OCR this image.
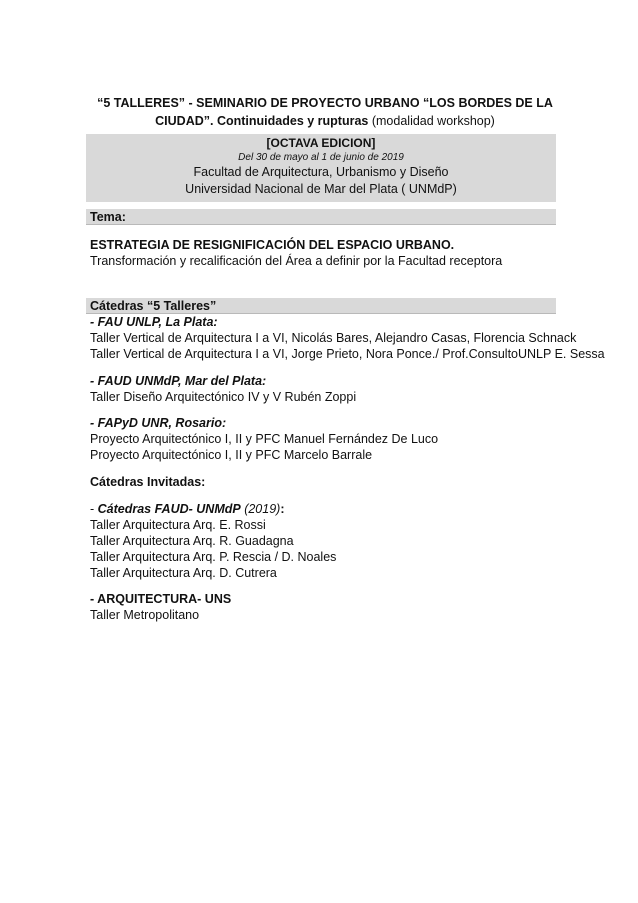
“5 TALLERES” - SEMINARIO DE PROYECTO URBANO “LOS BORDES DE LA
CIUDAD”. Continuidades y rupturas (modalidad workshop)
[OCTAVA EDICION]
Del 30 de mayo al 1 de junio de 2019
Facultad de Arquitectura, Urbanismo y Diseño
Universidad Nacional de Mar del Plata ( UNMdP)
Tema:
ESTRATEGIA DE RESIGNIFICACIÓN DEL ESPACIO URBANO.
Transformación y recalificación del Área a definir por la Facultad receptora
Cátedras “5 Talleres”
- FAU UNLP, La Plata:
Taller Vertical de Arquitectura I a VI, Nicolás Bares, Alejandro Casas, Florencia Schnack
Taller Vertical de Arquitectura I a VI, Jorge Prieto, Nora Ponce./ Prof.ConsultoUNLP E. Sessa
- FAUD UNMdP, Mar del Plata:
Taller Diseño Arquitectónico IV y V Rubén Zoppi
- FAPyD UNR, Rosario:
Proyecto Arquitectónico I, II y PFC Manuel Fernández De Luco
Proyecto Arquitectónico I, II y PFC Marcelo Barrale
Cátedras Invitadas:
- Cátedras FAUD- UNMdP (2019):
Taller Arquitectura Arq. E. Rossi
Taller Arquitectura Arq. R. Guadagna
Taller Arquitectura Arq. P. Rescia / D. Noales
Taller Arquitectura Arq. D. Cutrera
- ARQUITECTURA- UNS
Taller Metropolitano
